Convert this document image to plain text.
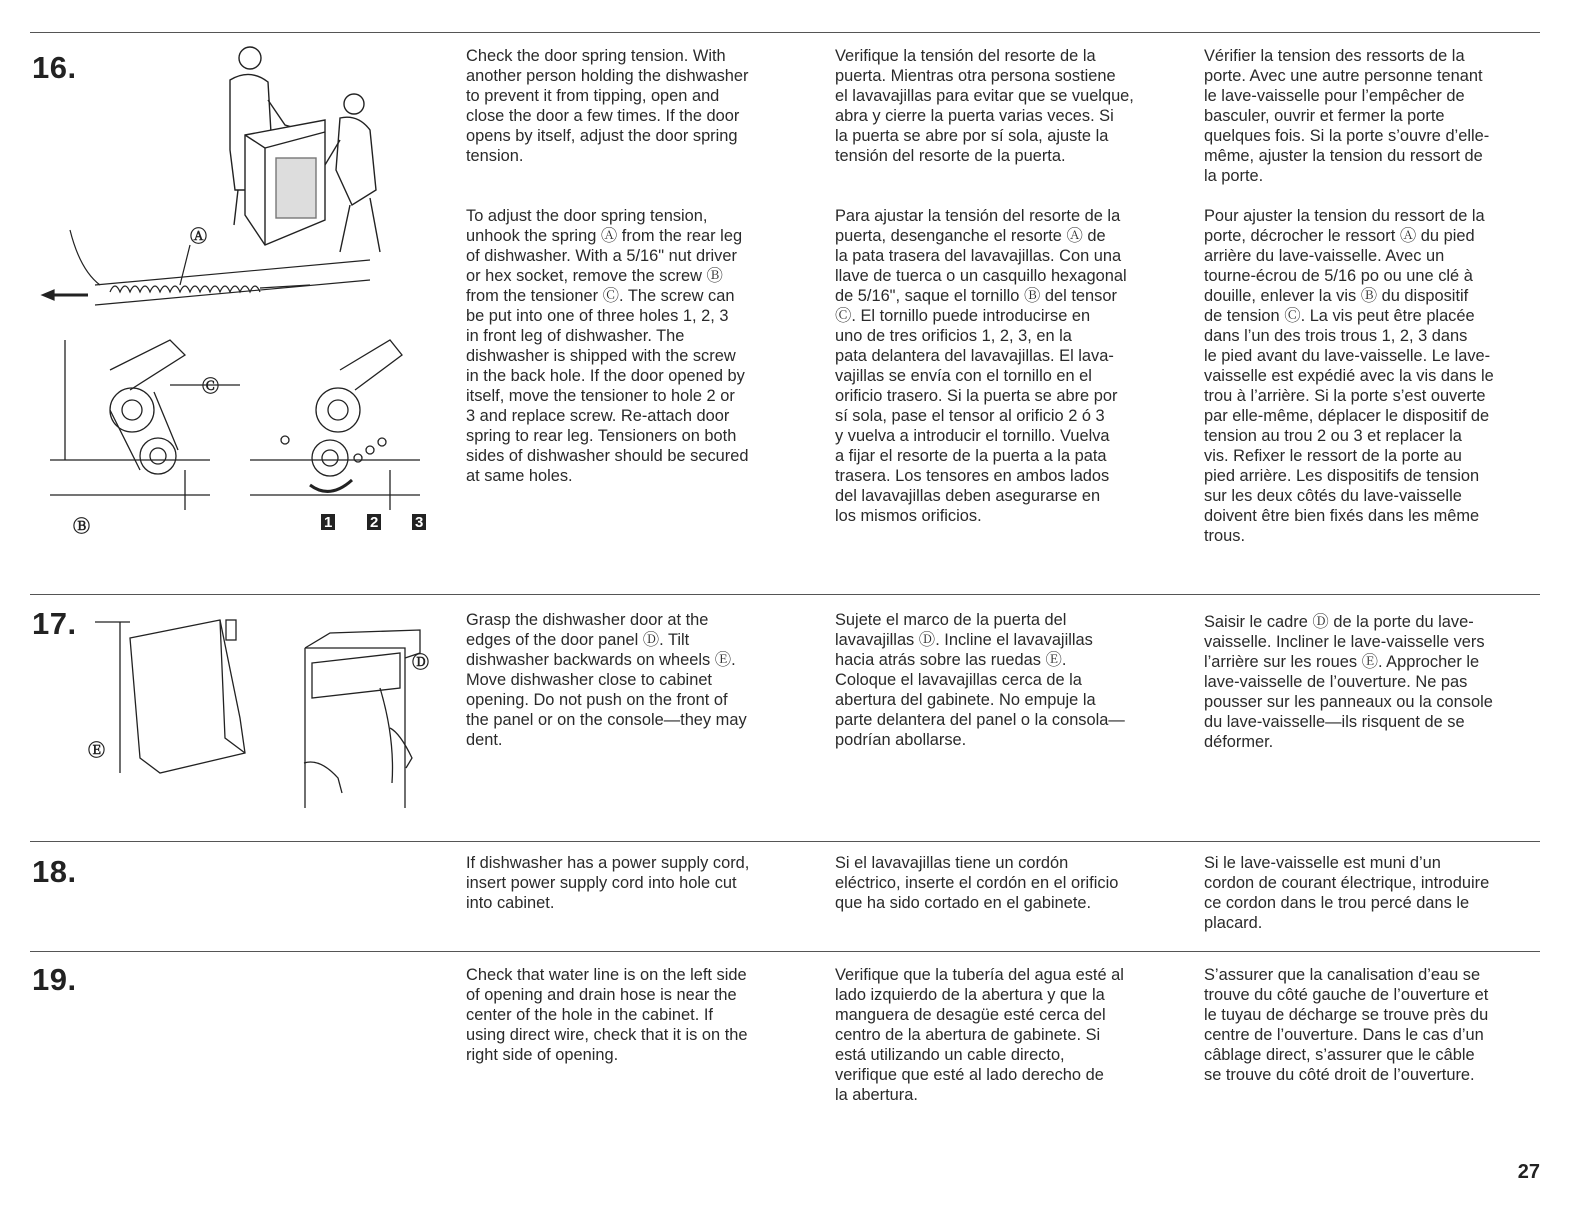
16.
Ⓐ
Ⓒ
Ⓑ	1	2 3
Check the door spring tension. With
another person holding the dishwasher
to prevent it from tipping, open and
close the door a few times. If the door
opens by itself, adjust the door spring
tension.
Verifique la tensión del resorte de la
puerta. Mientras otra persona sostiene
el lavavajillas para evitar que se vuelque,
abra y cierre la puerta varias veces. Si
la puerta se abre por sí sola, ajuste la
tensión del resorte de la puerta.
Vérifier la tension des ressorts de la
porte. Avec une autre personne tenant
le lave-vaisselle pour l’empêcher de
basculer, ouvrir et fermer la porte
quelques fois. Si la porte s’ouvre d’elle-
même, ajuster la tension du ressort de
la porte.
To adjust the door spring tension,
unhook the spring Ⓐ from the rear leg
of dishwasher. With a 5/16" nut driver
or hex socket, remove the screw Ⓑ
from the tensioner Ⓒ. The screw can
be put into one of three holes 1, 2, 3
in front leg of dishwasher. The
dishwasher is shipped with the screw
in the back hole. If the door opened by
itself, move the tensioner to hole 2 or
3 and replace screw. Re-attach door
spring to rear leg. Tensioners on both
sides of dishwasher should be secured
at same holes.
Para ajustar la tensión del resorte de la
puerta, desenganche el resorte Ⓐ de
la pata trasera del lavavajillas. Con una
llave de tuerca o un casquillo hexagonal
de 5/16", saque el tornillo Ⓑ del tensor
Ⓒ. El tornillo puede introducirse en
uno de tres orificios 1, 2, 3, en la
pata delantera del lavavajillas. El lava-
vajillas se envía con el tornillo en el
orificio trasero. Si la puerta se abre por
sí sola, pase el tensor al orificio 2 ó 3
y vuelva a introducir el tornillo. Vuelva
a fijar el resorte de la puerta a la pata
trasera. Los tensores en ambos lados
del lavavajillas deben asegurarse en
los mismos orificios.
Pour ajuster la tension du ressort de la
porte, décrocher le ressort Ⓐ du pied
arrière du lave-vaisselle. Avec un
tourne-écrou de 5/16 po ou une clé à
douille, enlever la vis Ⓑ du dispositif
de tension Ⓒ. La vis peut être placée
dans l’un des trois trous 1, 2, 3 dans
le pied avant du lave-vaisselle. Le lave-
vaisselle est expédié avec la vis dans le
trou à l’arrière. Si la porte s’est ouverte
par elle-même, déplacer le dispositif de
tension au trou 2 ou 3 et replacer la
vis. Refixer le ressort de la porte au
pied arrière. Les dispositifs de tension
sur les deux côtés du lave-vaisselle
doivent être bien fixés dans les même
trous.
17.
Ⓓ
Ⓔ
Grasp the dishwasher door at the
edges of the door panel Ⓓ. Tilt
dishwasher backwards on wheels Ⓔ.
Move dishwasher close to cabinet
opening. Do not push on the front of
the panel or on the console—they may
dent.
Sujete el marco de la puerta del
lavavajillas Ⓓ. Incline el lavavajillas
hacia atrás sobre las ruedas Ⓔ.
Coloque el lavavajillas cerca de la
abertura del gabinete. No empuje la
parte delantera del panel o la consola—
podrían abollarse.
Saisir le cadre Ⓓ de la porte du lave-
vaisselle. Incliner le lave-vaisselle vers
l’arrière sur les roues Ⓔ. Approcher le
lave-vaisselle de l’ouverture. Ne pas
pousser sur les panneaux ou la console
du lave-vaisselle—ils risquent de se
déformer.
18.	If dishwasher has a power supply cord,
insert power supply cord into hole cut
into cabinet.
Si el lavavajillas tiene un cordón
eléctrico, inserte el cordón en el orificio
que ha sido cortado en el gabinete.
Si le lave-vaisselle est muni d’un
cordon de courant électrique, introduire
ce cordon dans le trou percé dans le
placard.
19.	Check that water line is on the left side
of opening and drain hose is near the
center of the hole in the cabinet. If
using direct wire, check that it is on the
right side of opening.
Verifique que la tubería del agua esté al
lado izquierdo de la abertura y que la
manguera de desagüe esté cerca del
centro de la abertura de gabinete. Si
está utilizando un cable directo,
verifique que esté al lado derecho de
la abertura.
S’assurer que la canalisation d’eau se
trouve du côté gauche de l’ouverture et
le tuyau de décharge se trouve près du
centre de l’ouverture. Dans le cas d’un
câblage direct, s’assurer que le câble
se trouve du côté droit de l’ouverture.
27
